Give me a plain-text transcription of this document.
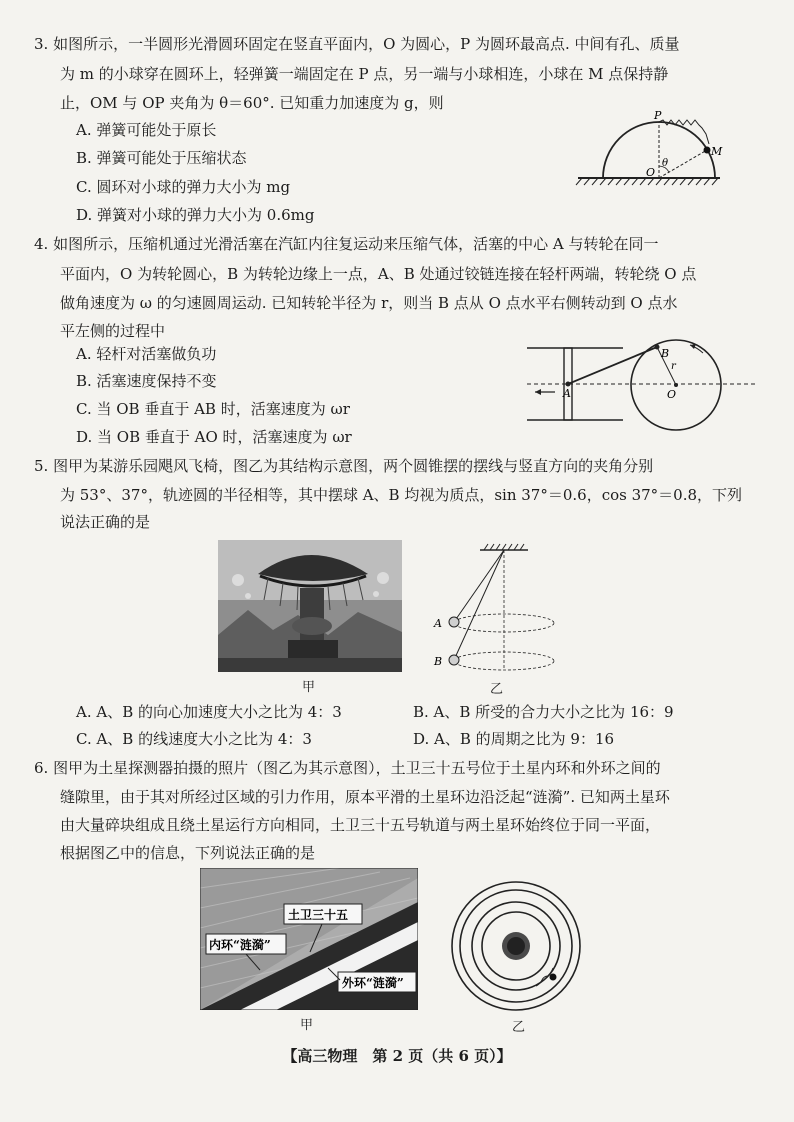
3. 如图所示，一半圆形光滑圆环固定在竖直平面内，O 为圆心，P 为圆环最高点. 中间有孔、质量
为 m 的小球穿在圆环上，轻弹簧一端固定在 P 点，另一端与小球相连，小球在 M 点保持静
止，OM 与 OP 夹角为 θ＝60°. 已知重力加速度为 g，则
A. 弹簧可能处于原长
B. 弹簧可能处于压缩状态
C. 圆环对小球的弹力大小为 mg
D. 弹簧对小球的弹力大小为 0.6mg
P
M
O
θ
4. 如图所示，压缩机通过光滑活塞在汽缸内往复运动来压缩气体，活塞的中心 A 与转轮在同一
平面内，O 为转轮圆心，B 为转轮边缘上一点，A、B 处通过铰链连接在轻杆两端，转轮绕 O 点
做角速度为 ω 的匀速圆周运动. 已知转轮半径为 r，则当 B 点从 O 点水平右侧转动到 O 点水
平左侧的过程中
A. 轻杆对活塞做负功
B. 活塞速度保持不变
C. 当 OB 垂直于 AB 时，活塞速度为 ωr
D. 当 OB 垂直于 AO 时，活塞速度为 ωr
A
B
r
O
5. 图甲为某游乐园飓风飞椅，图乙为其结构示意图，两个圆锥摆的摆线与竖直方向的夹角分别
为 53°、37°，轨迹圆的半径相等，其中摆球 A、B 均视为质点，sin 37°＝0.6，cos 37°＝0.8，下列
说法正确的是
甲
A
B
乙
A. A、B 的向心加速度大小之比为 4：3	B. A、B 所受的合力大小之比为 16：9
C. A、B 的线速度大小之比为 4：3	D. A、B 的周期之比为 9：16
6. 图甲为土星探测器拍摄的照片（图乙为其示意图），土卫三十五号位于土星内环和外环之间的
缝隙里，由于其对所经过区域的引力作用，原本平滑的土星环边沿泛起“涟漪”. 已知两土星环
由大量碎块组成且绕土星运行方向相同，土卫三十五号轨道与两土星环始终位于同一平面，
根据图乙中的信息，下列说法正确的是
土卫三十五
内环“涟漪”
外环“涟漪”
甲	乙
【高三物理　第 2 页（共 6 页）】
